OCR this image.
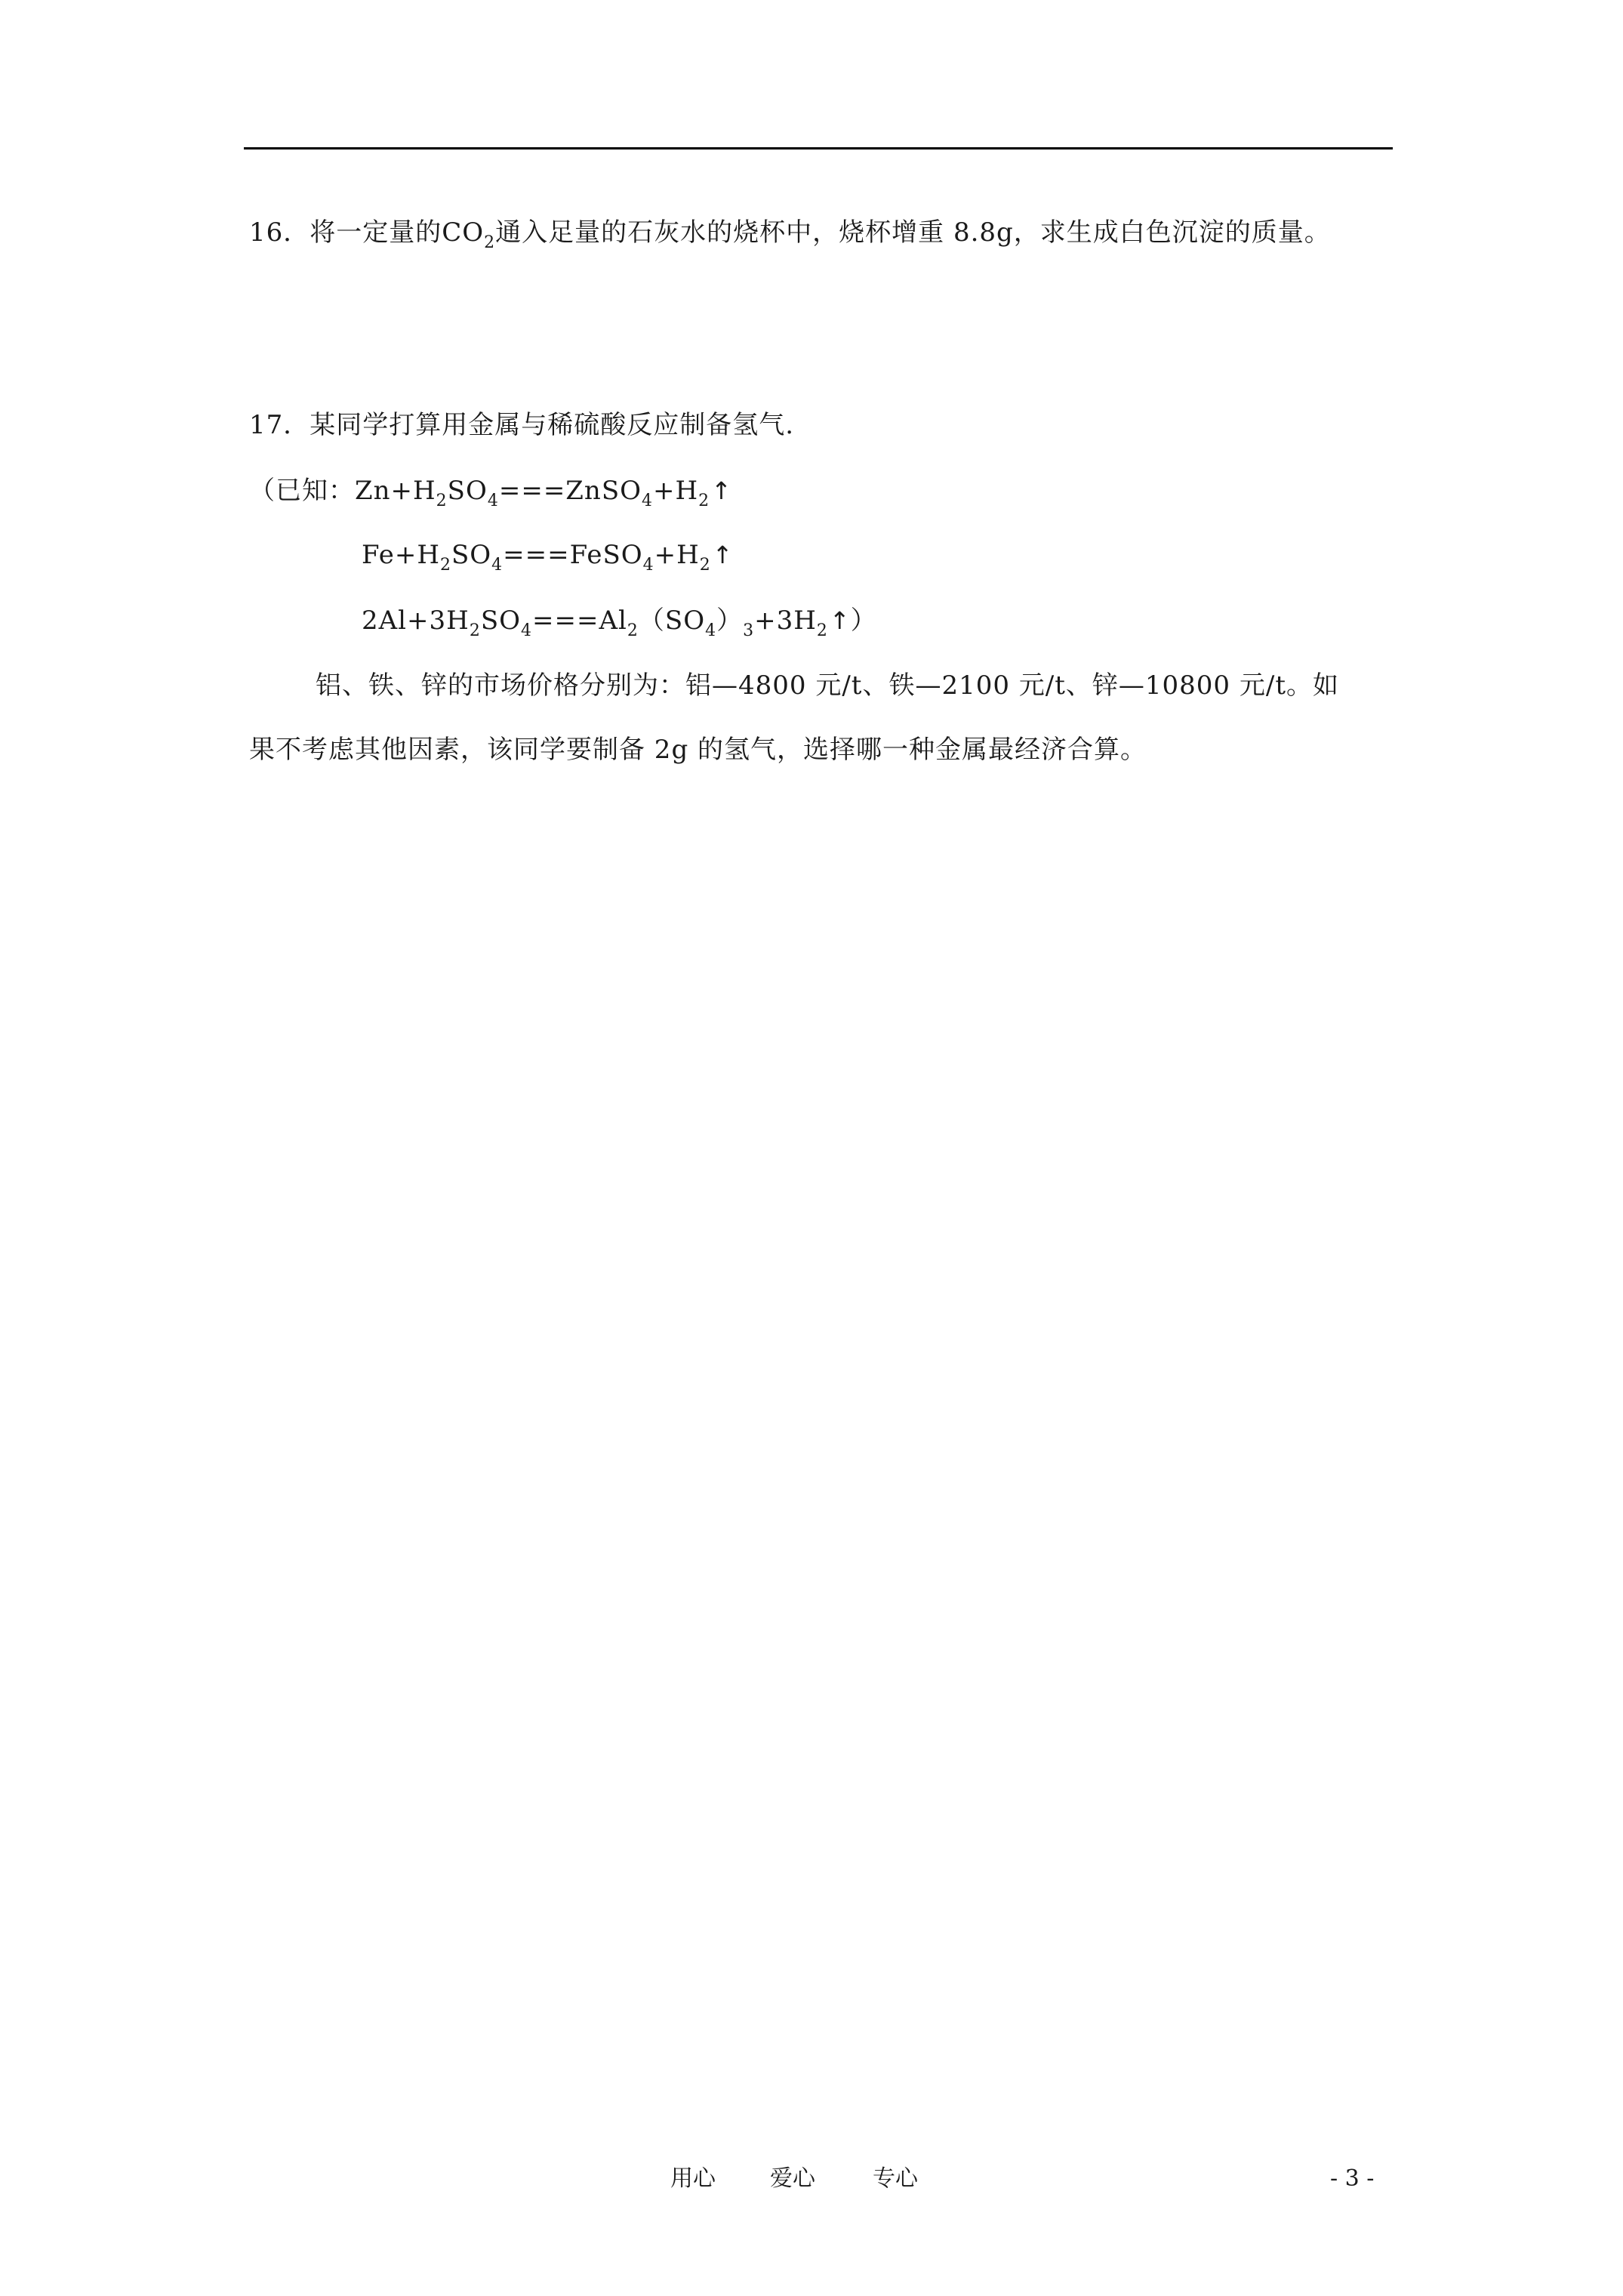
16．将一定量的$CO_2$通入足量的石灰水的烧杯中，烧杯增重 8.8g，求生成白色沉淀的质量。
17．某同学打算用金属与稀硫酸反应制备氢气.
（已知：$Zn+H_2SO_4===ZnSO_4+H_2↑$
$Fe+H_2SO_4===FeSO_4+H_2↑$
$2Al+3H_2SO_4===Al_2(SO_4)_3+3H_2↑$）
铝、铁、锌的市场价格分别为：铝—4800 元/t、铁—2100 元/t、锌—10800 元/t。如
果不考虑其他因素，该同学要制备 2g 的氢气，选择哪一种金属最经济合算。
用心 爱心	专心	- 3 -
